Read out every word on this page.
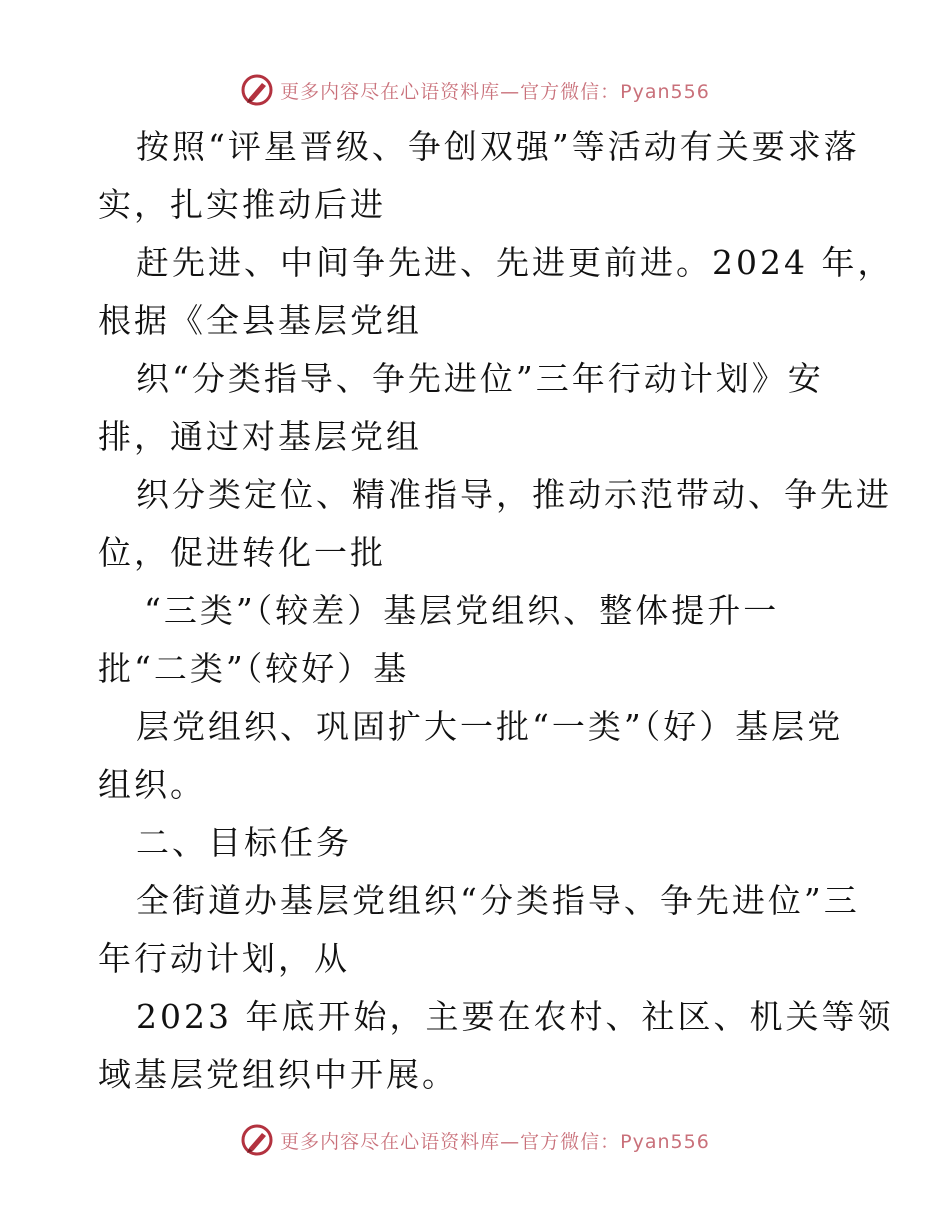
更多内容尽在心语资料库—官方微信：Pyan556
按照“评星晋级、争创双强”等活动有关要求落
实，扎实推动后进
赶先进、中间争先进、先进更前进。2024 年，
根据《全县基层党组
织“分类指导、争先进位”三年行动计划》安
排，通过对基层党组
织分类定位、精准指导，推动示范带动、争先进
位，促进转化一批
“三类”（较差）基层党组织、整体提升一
批“二类”（较好）基
层党组织、巩固扩大一批“一类”（好）基层党
组织。
二、目标任务
全街道办基层党组织“分类指导、争先进位”三
年行动计划，从
2023 年底开始，主要在农村、社区、机关等领
域基层党组织中开展。
更多内容尽在心语资料库—官方微信：Pyan556
